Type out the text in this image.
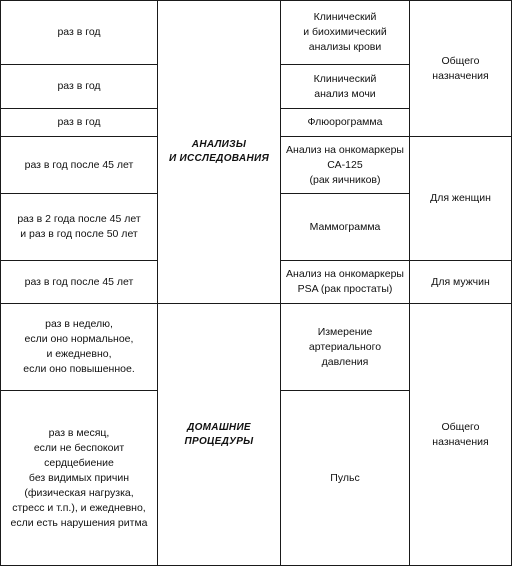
раз в год
раз в год
раз в год
раз в год после 45 лет
раз в 2 года после 45 лет
и раз в год после 50 лет
раз в год после 45 лет
раз в неделю,
если оно нормальное,
и ежедневно,
если оно повышенное.
раз в месяц,
если не беспокоит
сердцебиение
без видимых причин
(физическая нагрузка,
стресс и т.п.), и ежедневно,
если есть нарушения ритма
АНАЛИЗЫ
И ИССЛЕДОВАНИЯ
ДОМАШНИЕ
ПРОЦЕДУРЫ
Клинический
и биохимический
анализы крови
Клинический
анализ мочи
Флюорограмма
Анализ на онкомаркеры
СА-125
(рак яичников)
Маммограмма
Анализ на онкомаркеры
PSA (рак простаты)
Измерение
артериального
давления
Пульс
Общего
назначения
Для женщин
Для мужчин
Общего
назначения
